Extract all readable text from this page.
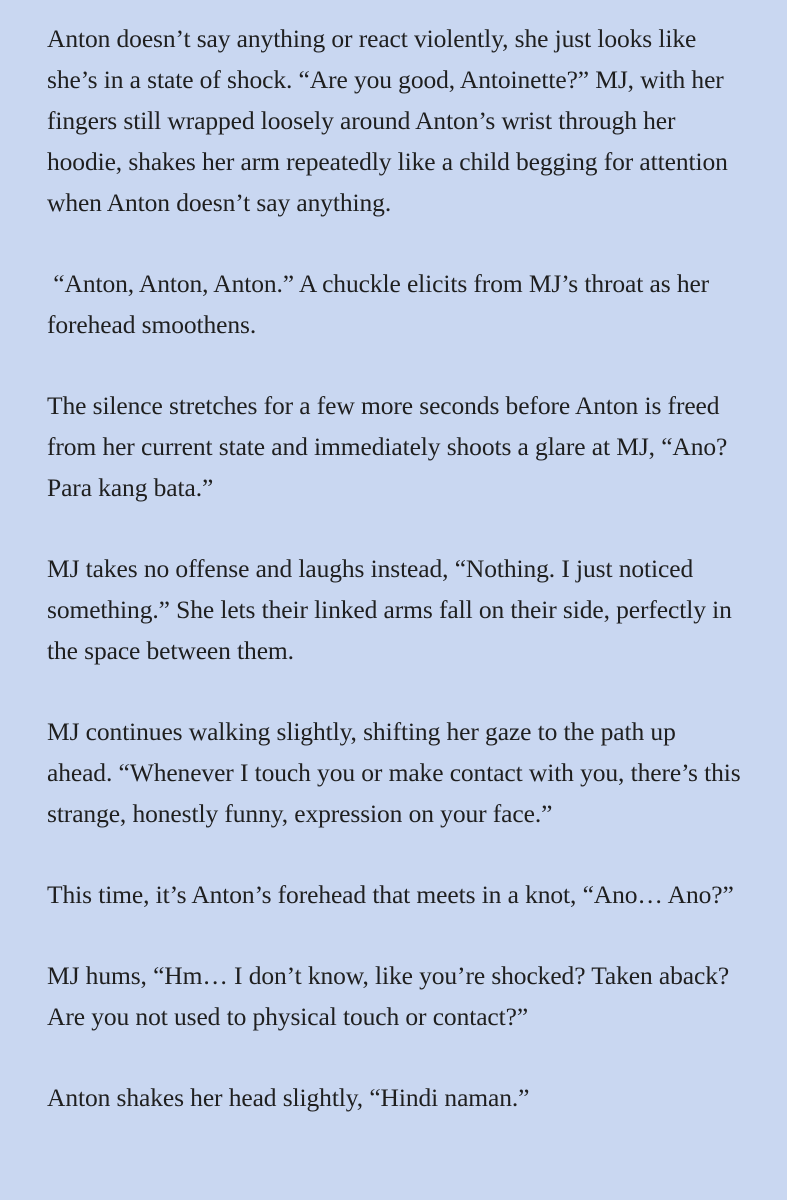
Anton doesn’t say anything or react violently, she just looks like she’s in a state of shock. “Are you good, Antoinette?” MJ, with her fingers still wrapped loosely around Anton’s wrist through her hoodie, shakes her arm repeatedly like a child begging for attention when Anton doesn’t say anything.

“Anton, Anton, Anton.” A chuckle elicits from MJ’s throat as her forehead smoothens.

The silence stretches for a few more seconds before Anton is freed from her current state and immediately shoots a glare at MJ, “Ano? Para kang bata.”

MJ takes no offense and laughs instead, “Nothing. I just noticed something.” She lets their linked arms fall on their side, perfectly in the space between them.

MJ continues walking slightly, shifting her gaze to the path up ahead. “Whenever I touch you or make contact with you, there’s this strange, honestly funny, expression on your face.”

This time, it’s Anton’s forehead that meets in a knot, “Ano… Ano?”

MJ hums, “Hm… I don’t know, like you’re shocked? Taken aback? Are you not used to physical touch or contact?”

Anton shakes her head slightly, “Hindi naman.”
